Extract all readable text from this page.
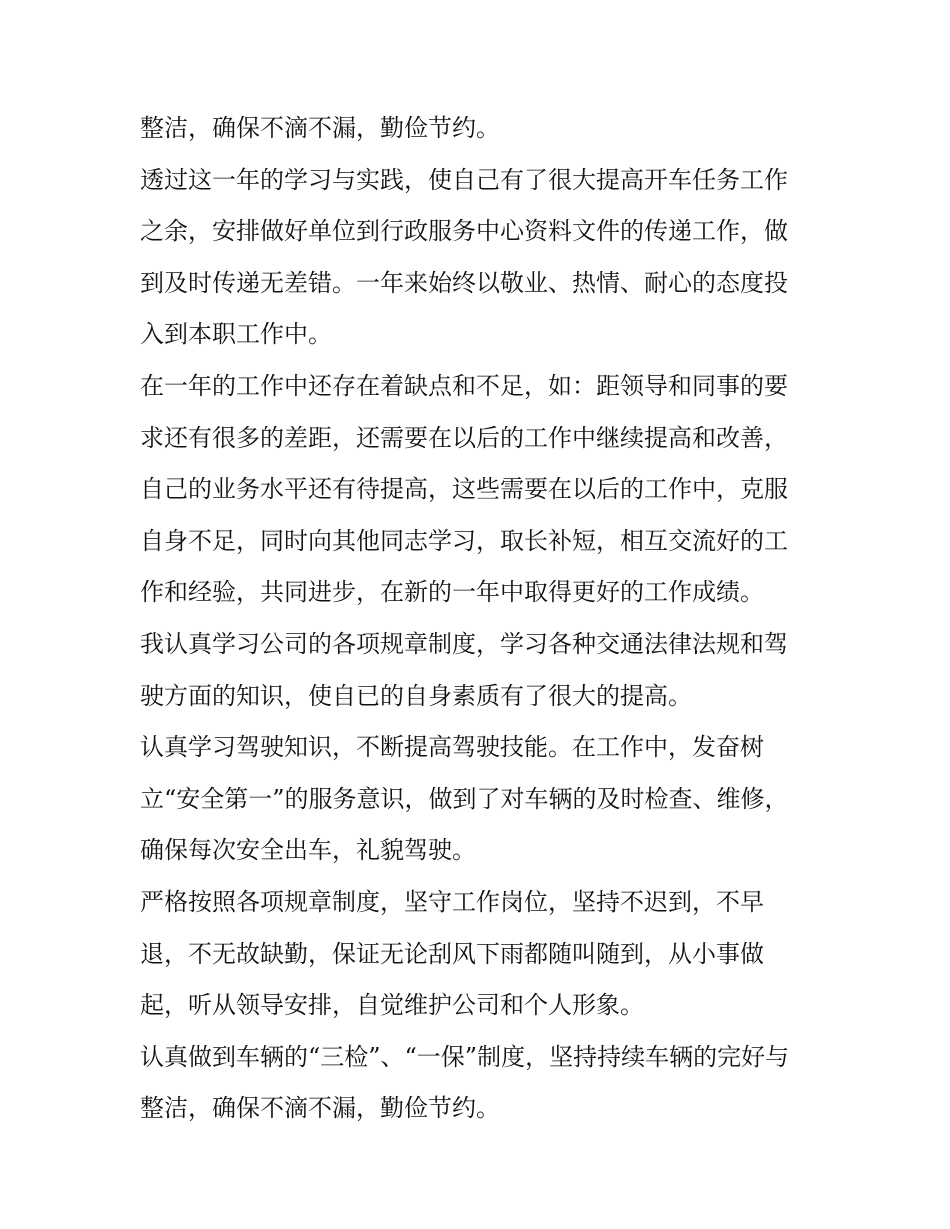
整洁，确保不滴不漏，勤俭节约。
透过这一年的学习与实践，使自己有了很大提高开车任务工作
之余，安排做好单位到行政服务中心资料文件的传递工作，做
到及时传递无差错。一年来始终以敬业、热情、耐心的态度投
入到本职工作中。
在一年的工作中还存在着缺点和不足，如：距领导和同事的要
求还有很多的差距，还需要在以后的工作中继续提高和改善，
自己的业务水平还有待提高，这些需要在以后的工作中，克服
自身不足，同时向其他同志学习，取长补短，相互交流好的工
作和经验，共同进步，在新的一年中取得更好的工作成绩。
我认真学习公司的各项规章制度，学习各种交通法律法规和驾
驶方面的知识，使自已的自身素质有了很大的提高。
认真学习驾驶知识，不断提高驾驶技能。在工作中，发奋树
立“安全第一”的服务意识，做到了对车辆的及时检查、维修，
确保每次安全出车，礼貌驾驶。
严格按照各项规章制度，坚守工作岗位，坚持不迟到，不早
退，不无故缺勤，保证无论刮风下雨都随叫随到，从小事做
起，听从领导安排，自觉维护公司和个人形象。
认真做到车辆的“三检”、“一保”制度，坚持持续车辆的完好与
整洁，确保不滴不漏，勤俭节约。
